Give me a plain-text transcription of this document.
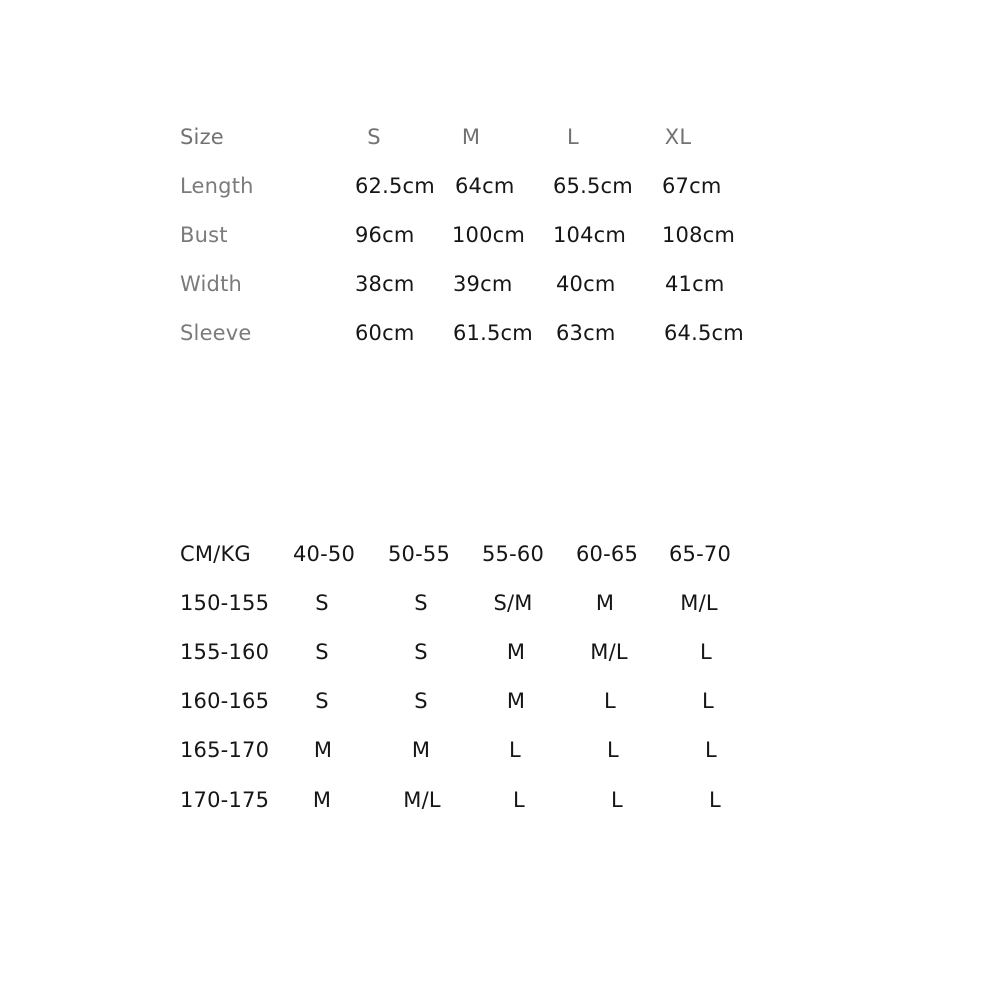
Size	S	M	L	XL
Length	62.5cm 64cm 65.5cm 67cm
Bust	96cm 100cm 104cm 108cm
Width	38cm 39cm 40cm 41cm
Sleeve	60cm 61.5cm 63cm 64.5cm
CM/KG 40-50 50-55 55-60 60-65 65-70
150-155 S	S	S/M	M	M/L
155-160 S	S	M	M/L	L
160-165 S	S	M	L	L
165-170 M	M	L	L	L
170-175 M	M/L	L	L	L
